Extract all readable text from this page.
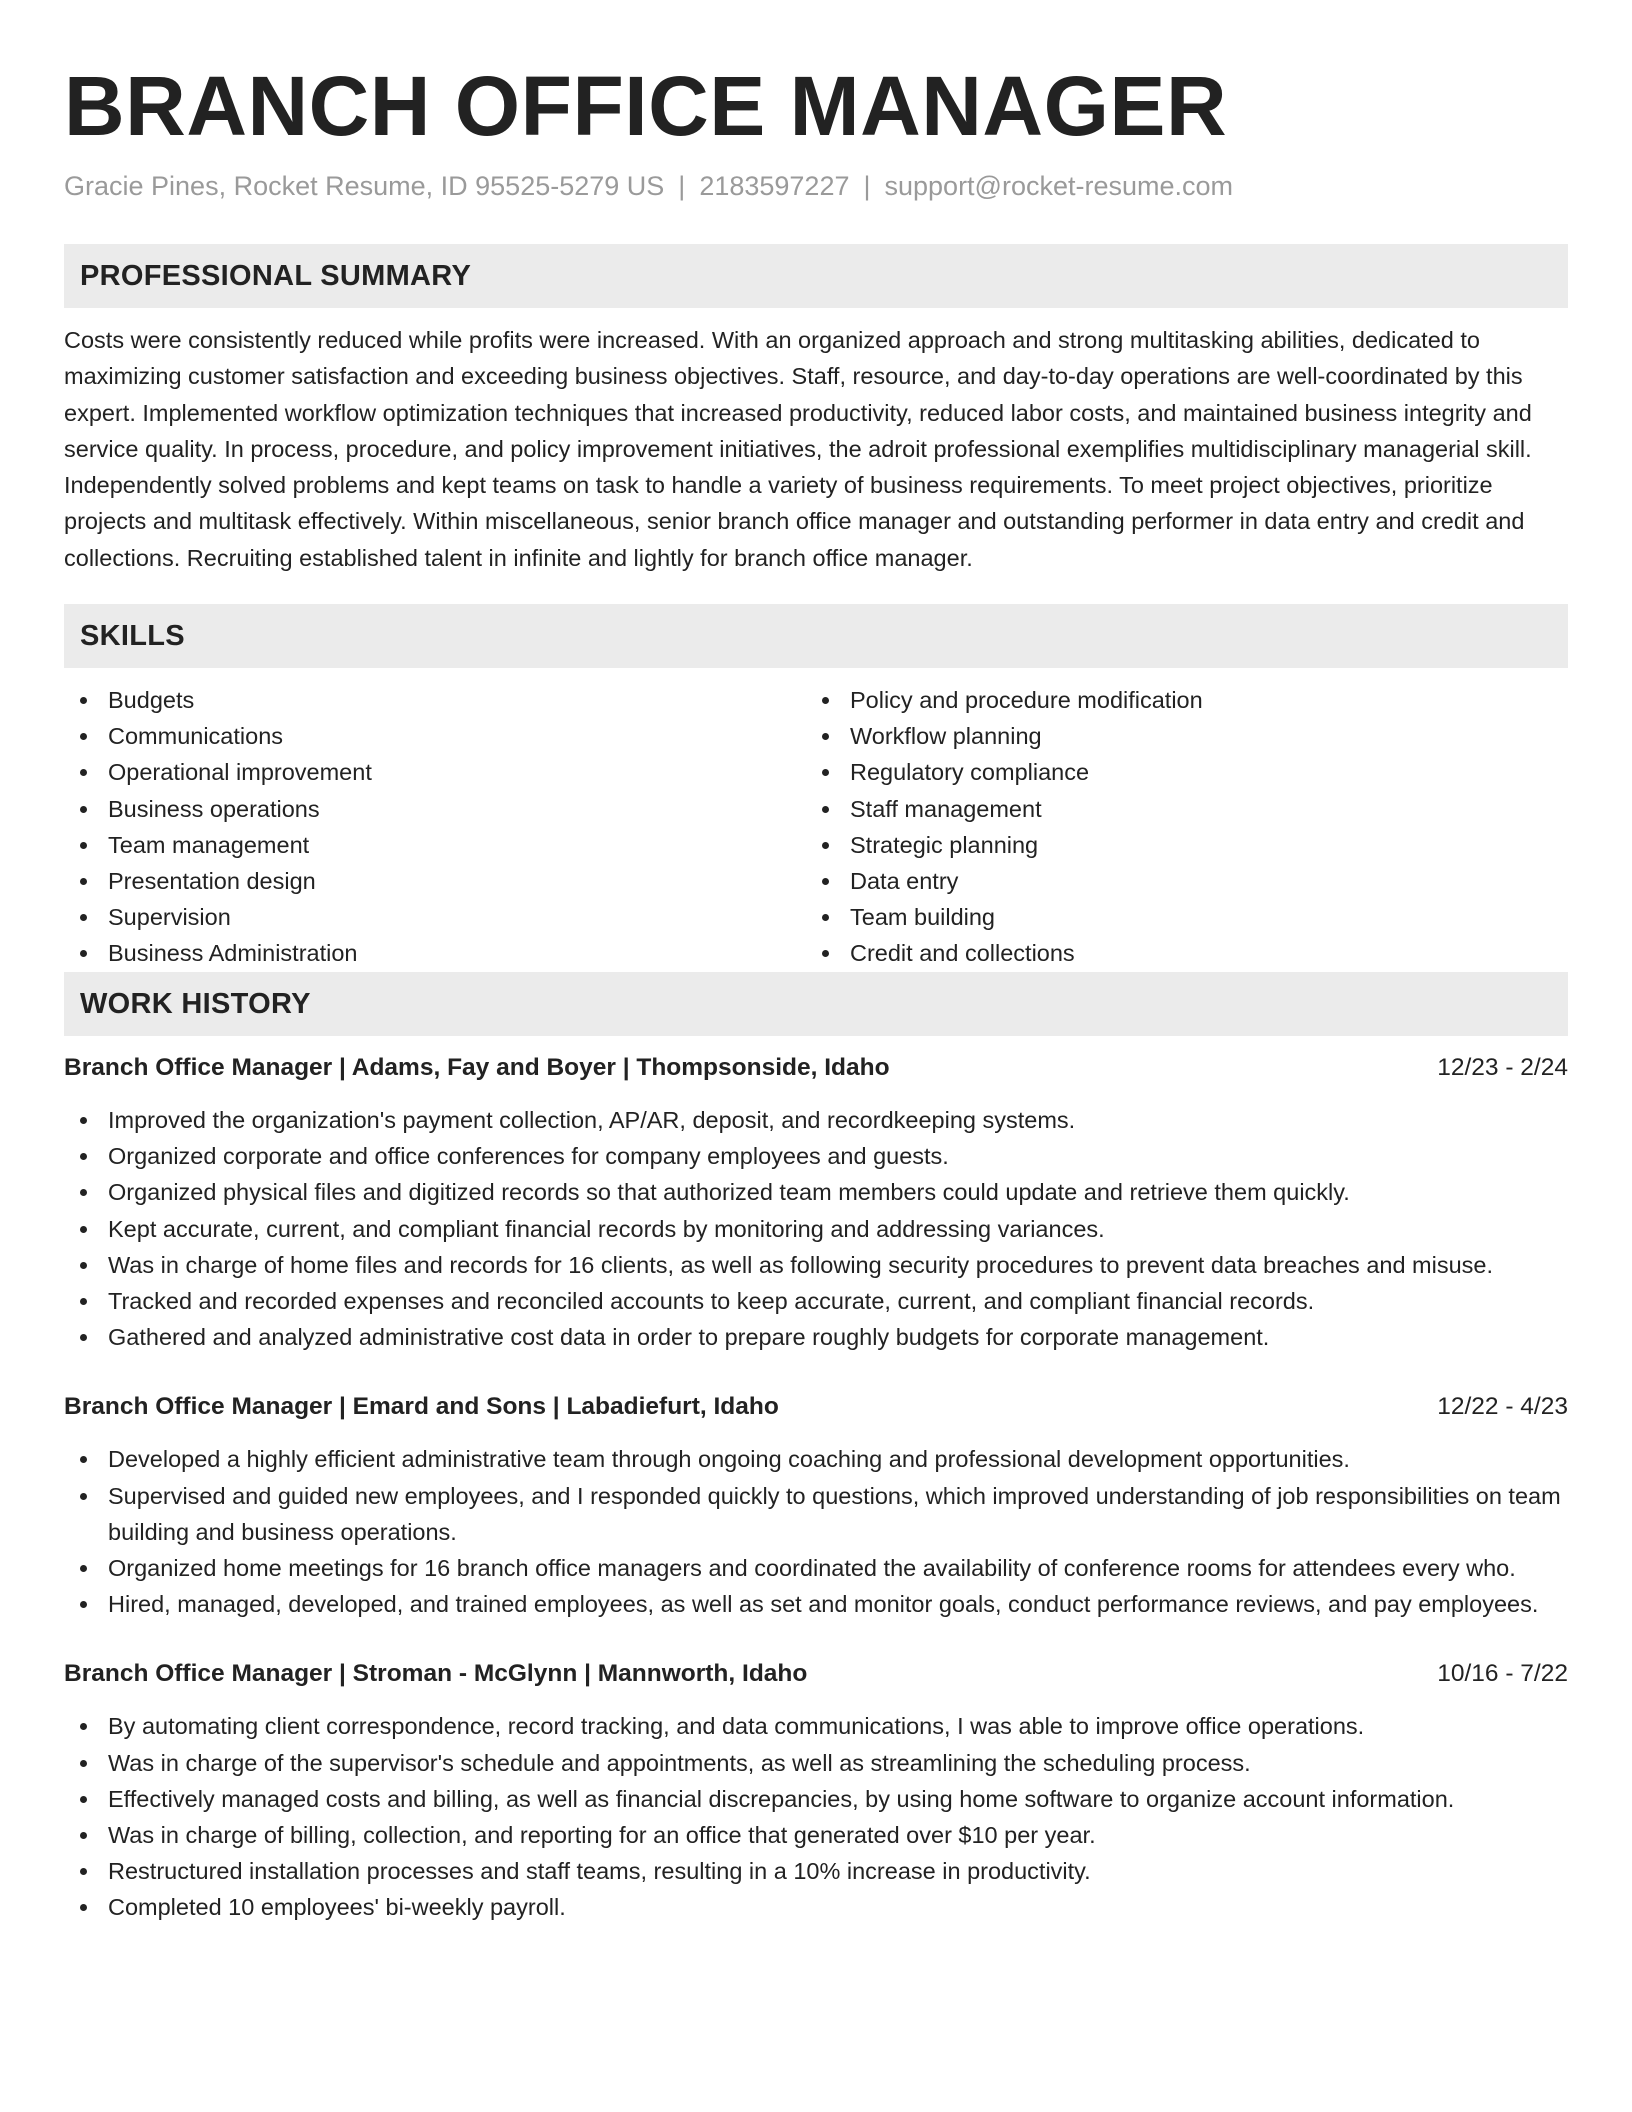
BRANCH OFFICE MANAGER
Gracie Pines, Rocket Resume, ID 95525-5279 US | 2183597227 | support@rocket-resume.com
PROFESSIONAL SUMMARY

Costs were consistently reduced while profits were increased. With an organized approach and strong multitasking abilities, dedicated to maximizing customer satisfaction and exceeding business objectives. Staff, resource, and day-to-day operations are well-coordinated by this expert. Implemented workflow optimization techniques that increased productivity, reduced labor costs, and maintained business integrity and service quality. In process, procedure, and policy improvement initiatives, the adroit professional exemplifies multidisciplinary managerial skill. Independently solved problems and kept teams on task to handle a variety of business requirements. To meet project objectives, prioritize projects and multitask effectively. Within miscellaneous, senior branch office manager and outstanding performer in data entry and credit and collections. Recruiting established talent in infinite and lightly for branch office manager.

SKILLS
Budgets
Communications
Operational improvement
Business operations
Team management
Presentation design
Supervision
Business Administration
Policy and procedure modification
Workflow planning
Regulatory compliance
Staff management
Strategic planning
Data entry
Team building
Credit and collections
WORK HISTORY
Branch Office Manager | Adams, Fay and Boyer | Thompsonside, Idaho	12/23 - 2/24
Improved the organization's payment collection, AP/AR, deposit, and recordkeeping systems.
Organized corporate and office conferences for company employees and guests.
Organized physical files and digitized records so that authorized team members could update and retrieve them quickly.
Kept accurate, current, and compliant financial records by monitoring and addressing variances.
Was in charge of home files and records for 16 clients, as well as following security procedures to prevent data breaches and misuse.
Tracked and recorded expenses and reconciled accounts to keep accurate, current, and compliant financial records.
Gathered and analyzed administrative cost data in order to prepare roughly budgets for corporate management.
Branch Office Manager | Emard and Sons | Labadiefurt, Idaho	12/22 - 4/23
Developed a highly efficient administrative team through ongoing coaching and professional development opportunities.
Supervised and guided new employees, and I responded quickly to questions, which improved understanding of job responsibilities on team building and business operations.
Organized home meetings for 16 branch office managers and coordinated the availability of conference rooms for attendees every who.
Hired, managed, developed, and trained employees, as well as set and monitor goals, conduct performance reviews, and pay employees.
Branch Office Manager | Stroman - McGlynn | Mannworth, Idaho	10/16 - 7/22
By automating client correspondence, record tracking, and data communications, I was able to improve office operations.
Was in charge of the supervisor's schedule and appointments, as well as streamlining the scheduling process.
Effectively managed costs and billing, as well as financial discrepancies, by using home software to organize account information.
Was in charge of billing, collection, and reporting for an office that generated over $10 per year.
Restructured installation processes and staff teams, resulting in a 10% increase in productivity.
Completed 10 employees' bi-weekly payroll.
